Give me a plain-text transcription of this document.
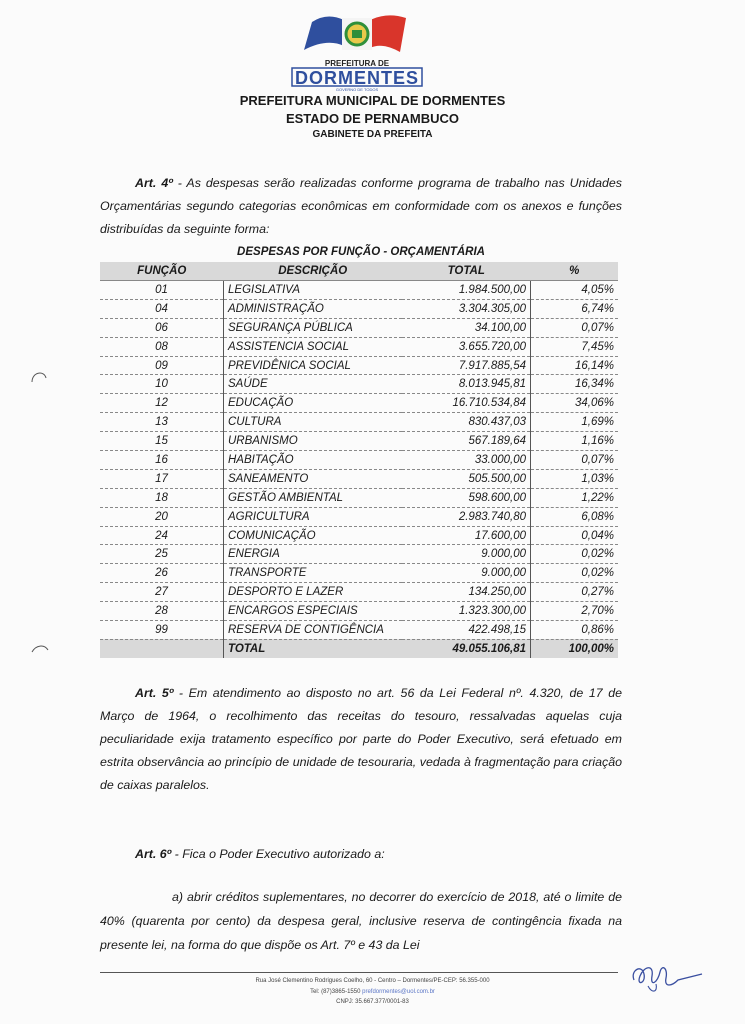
PREFEITURA DE
DORMENTES
GOVERNO DE TODOS
PREFEITURA MUNICIPAL DE DORMENTES
ESTADO DE PERNAMBUCO
GABINETE DA PREFEITA

Art. 4º - As despesas serão realizadas conforme programa de trabalho nas Unidades Orçamentárias segundo categorias econômicas em conformidade com os anexos e funções distribuídas da seguinte forma:

DESPESAS POR FUNÇÃO - ORÇAMENTÁRIA
FUNÇÃO	DESCRIÇÃO	TOTAL	%
01	LEGISLATIVA	1.984.500,00	4,05%
04	ADMINISTRAÇÃO	3.304.305,00	6,74%
06	SEGURANÇA PÚBLICA	34.100,00	0,07%
08	ASSISTENCIA SOCIAL	3.655.720,00	7,45%
09	PREVIDÊNICA SOCIAL	7.917.885,54	16,14%
10	SAÚDE	8.013.945,81	16,34%
12	EDUCAÇÃO	16.710.534,84	34,06%
13	CULTURA	830.437,03	1,69%
15	URBANISMO	567.189,64	1,16%
16	HABITAÇÃO	33.000,00	0,07%
17	SANEAMENTO	505.500,00	1,03%
18	GESTÃO AMBIENTAL	598.600,00	1,22%
20	AGRICULTURA	2.983.740,80	6,08%
24	COMUNICAÇÃO	17.600,00	0,04%
25	ENERGIA	9.000,00	0,02%
26	TRANSPORTE	9.000,00	0,02%
27	DESPORTO E LAZER	134.250,00	0,27%
28	ENCARGOS ESPECIAIS	1.323.300,00	2,70%
99	RESERVA DE CONTIGÊNCIA	422.498,15	0,86%
	TOTAL	49.055.106,81	100,00%

Art. 5º - Em atendimento ao disposto no art. 56 da Lei Federal nº. 4.320, de 17 de Março de 1964, o recolhimento das receitas do tesouro, ressalvadas aquelas cuja peculiaridade exija tratamento específico por parte do Poder Executivo, será efetuado em estrita observância ao princípio de unidade de tesouraria, vedada à fragmentação para criação de caixas paralelos.

Art. 6º - Fica o Poder Executivo autorizado a:

a) abrir créditos suplementares, no decorrer do exercício de 2018, até o limite de 40% (quarenta por cento) da despesa geral, inclusive reserva de contingência fixada na presente lei, na forma do que dispõe os Art. 7º e 43 da Lei

Rua José Clementino Rodrigues Coelho, 60 - Centro – Dormentes/PE-CEP: 56.355-000
Tel: (87)3865-1550 prefdormentes@uol.com.br
CNPJ: 35.667.377/0001-83
